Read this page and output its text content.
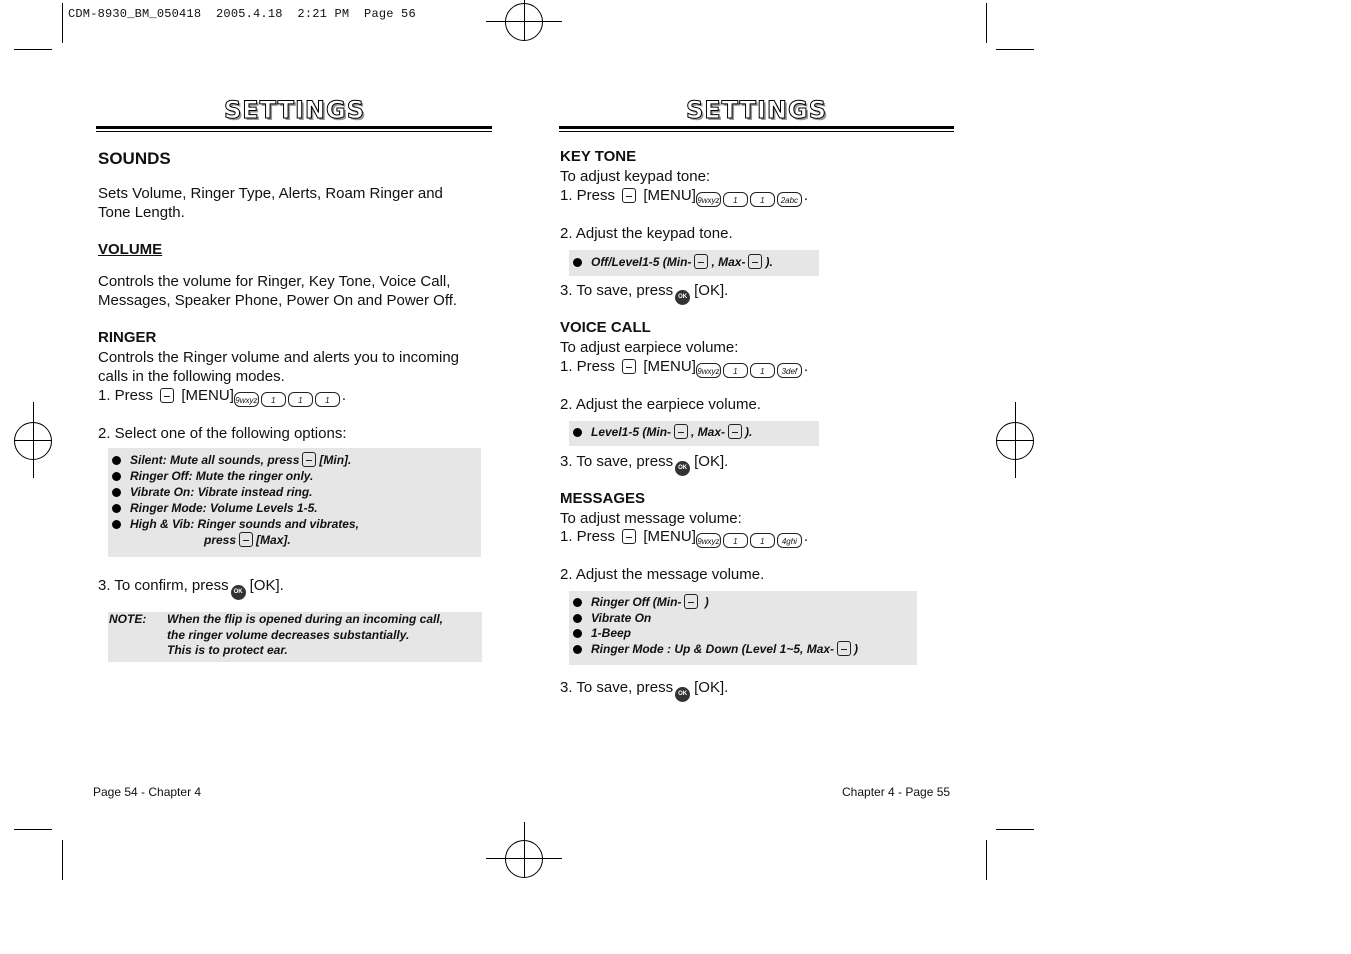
CDM-8930_BM_050418  2005.4.18  2:21 PM  Page 56
SETTINGS
SOUNDS
Sets Volume, Ringer Type, Alerts, Roam Ringer and
Tone Length.
VOLUME
Controls the volume for Ringer, Key Tone, Voice Call,
Messages, Speaker Phone, Power On and Power Off.
RINGER
Controls the Ringer volume and alerts you to incoming
calls in the following modes.
1. Press [MENU]9wxyz 1	1	1 .
2. Select one of the following options:
Silent: Mute all sounds, press [Min].
Ringer Off: Mute the ringer only.
Vibrate On: Vibrate instead ring.
Ringer Mode: Volume Levels 1-5.
High & Vib: Ringer sounds and vibrates,
press [Max].
3. To confirm, press OK [OK].
NOTE: When the flip is opened during an incoming call,
the ringer volume decreases substantially.
This is to protect ear.
Page 54 - Chapter 4
SETTINGS
KEY TONE
To adjust keypad tone:
1. Press [MENU]9wxyz 1	1 2abc .
2. Adjust the keypad tone.
Off/Level1-5 (Min- , Max- ).
3. To save, press OK [OK].
VOICE CALL
To adjust earpiece volume:
1. Press [MENU]9wxyz 1	1 3def .
2. Adjust the earpiece volume.
Level1-5 (Min- , Max- ).
3. To save, press OK [OK].
MESSAGES
To adjust message volume:
1. Press [MENU]9wxyz 1	1 4ghi .
2. Adjust the message volume.
Ringer Off (Min- )
Vibrate On
1-Beep
Ringer Mode : Up & Down (Level 1~5, Max- )
3. To save, press OK [OK].
Chapter 4 - Page 55
